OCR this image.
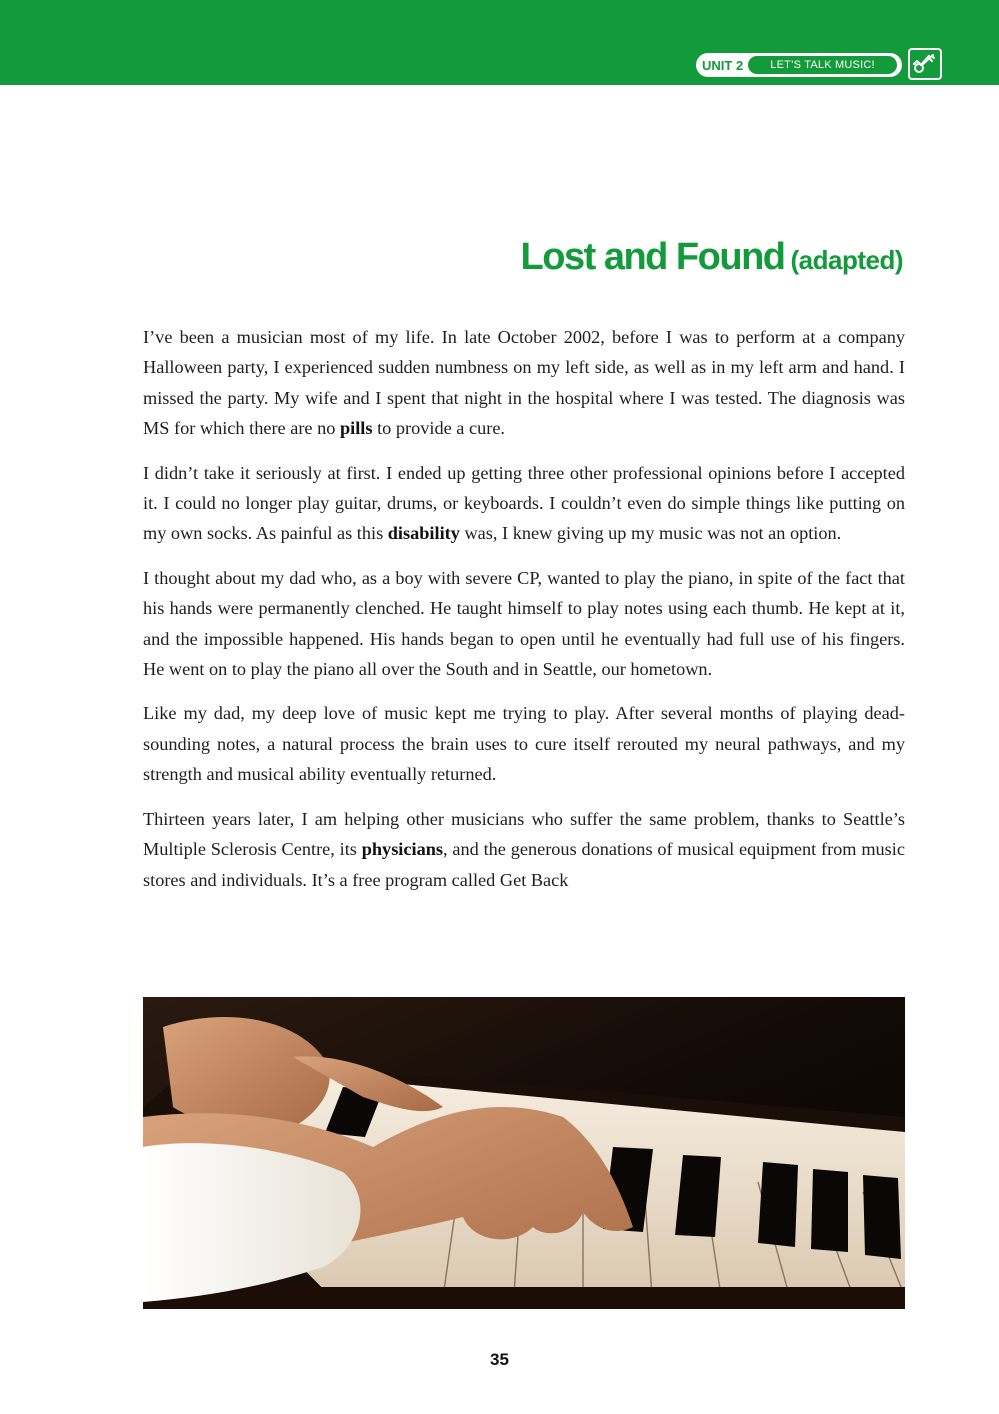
UNIT 2	LET’S TALK MUSIC!
Lost and Found (adapted)

I’ve been a musician most of my life. In late October 2002, before I was to perform at a company Halloween party, I experienced sudden numbness on my left side, as well as in my left arm and hand. I missed the party. My wife and I spent that night in the hospital where I was tested. The diagnosis was MS for which there are no pills to provide a cure.

I didn’t take it seriously at first. I ended up getting three other professional opinions before I accepted it. I could no longer play guitar, drums, or keyboards. I couldn’t even do simple things like putting on my own socks. As painful as this disability was, I knew giving up my music was not an option.

I thought about my dad who, as a boy with severe CP, wanted to play the piano, in spite of the fact that his hands were permanently clenched. He taught himself to play notes using each thumb. He kept at it, and the impossible happened. His hands began to open until he eventually had full use of his fingers. He went on to play the piano all over the South and in Seattle, our hometown.

Like my dad, my deep love of music kept me trying to play. After several months of playing dead-sounding notes, a natural process the brain uses to cure itself rerouted my neural pathways, and my strength and musical ability eventually returned.

Thirteen years later, I am helping other musicians who suffer the same problem, thanks to Seattle’s Multiple Sclerosis Centre, its physicians, and the generous donations of musical equipment from music stores and individuals. It’s a free program called Get Back

35
